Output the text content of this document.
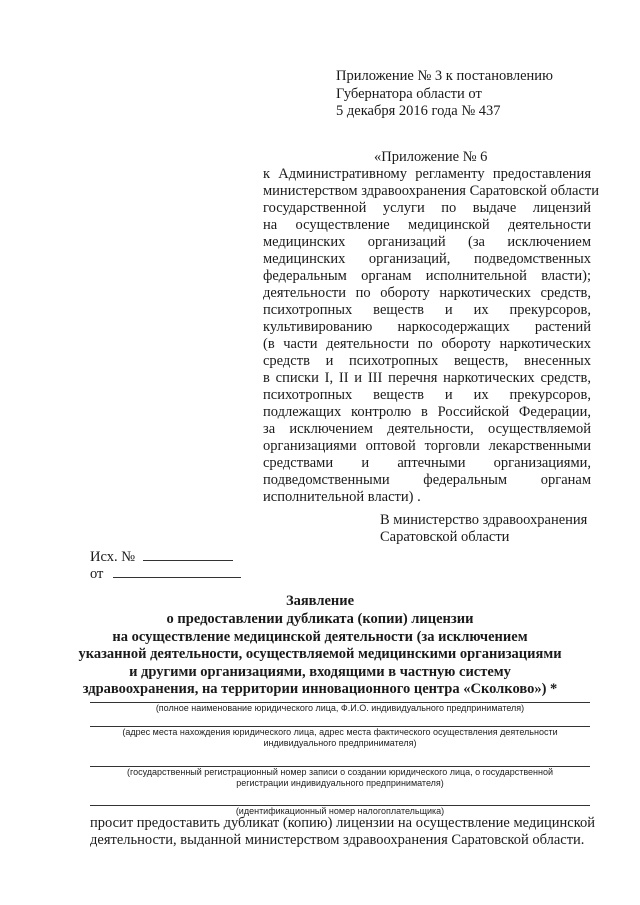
Приложение № 3 к постановлению
Губернатора области от
5 декабря 2016 года № 437
«Приложение № 6
к Административному регламенту предоставления
министерством здравоохранения Саратовской области
государственной услуги по выдаче лицензий
на осуществление медицинской деятельности
медицинских организаций (за исключением
медицинских организаций, подведомственных
федеральным органам исполнительной власти);
деятельности по обороту наркотических средств,
психотропных веществ и их прекурсоров,
культивированию наркосодержащих растений
(в части деятельности по обороту наркотических
средств и психотропных веществ, внесенных
в списки I, II и III перечня наркотических средств,
психотропных веществ и их прекурсоров,
подлежащих контролю в Российской Федерации,
за исключением деятельности, осуществляемой
организациями оптовой торговли лекарственными
средствами и аптечными организациями,
подведомственными федеральным органам
исполнительной власти) .
В министерство здравоохранения
Саратовской области
Исх. №
от
Заявление
о предоставлении дубликата (копии) лицензии
на осуществление медицинской деятельности (за исключением
указанной деятельности, осуществляемой медицинскими организациями
и другими организациями, входящими в частную систему
здравоохранения, на территории инновационного центра «Сколково») *
(полное наименование юридического лица, Ф.И.О. индивидуального предпринимателя)
(адрес места нахождения юридического лица, адрес места фактического осуществления деятельности
индивидуального предпринимателя)
(государственный регистрационный номер записи о создании юридического лица, о государственной
регистрации индивидуального предпринимателя)
(идентификационный номер налогоплательщика)
просит предоставить дубликат (копию) лицензии на осуществление медицинской
деятельности, выданной министерством здравоохранения Саратовской области.
